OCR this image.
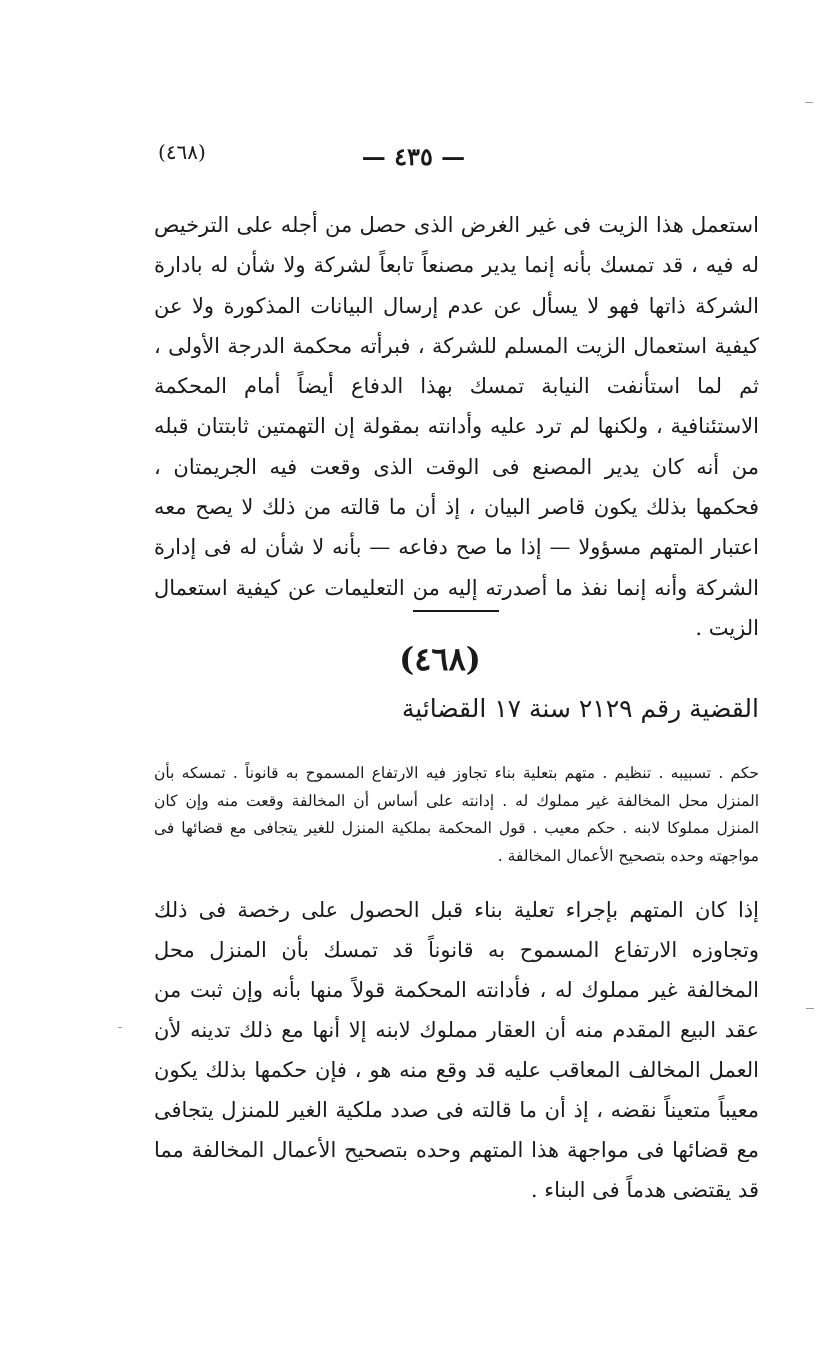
(٤٦٨)	— ٤٣٥ —

استعمل هذا الزيت فى غير الغرض الذى حصل من أجله على الترخيص له فيه ، قد تمسك بأنه إنما يدير مصنعاً تابعاً لشركة ولا شأن له بادارة الشركة ذاتها فهو لا يسأل عن عدم إرسال البيانات المذكورة ولا عن كيفية استعمال الزيت المسلم للشركة ، فبرأته محكمة الدرجة الأولى ، ثم لما استأنفت النيابة تمسك بهذا الدفاع أيضاً أمام المحكمة الاستئنافية ، ولكنها لم ترد عليه وأدانته بمقولة إن التهمتين ثابتتان قبله من أنه كان يدير المصنع فى الوقت الذى وقعت فيه الجريمتان ، فحكمها بذلك يكون قاصر البيان ، إذ أن ما قالته من ذلك لا يصح معه اعتبار المتهم مسؤولا — إذا ما صح دفاعه — بأنه لا شأن له فى إدارة الشركة وأنه إنما نفذ ما أصدرته إليه من التعليمات عن كيفية استعمال الزيت .

(٤٦٨)
القضية رقم ٢١٢٩ سنة ١٧ القضائية

حكم . تسبيبه . تنظيم . متهم بتعلية بناء تجاوز فيه الارتفاع المسموح به قانوناً . تمسكه بأن المنزل محل المخالفة غير مملوك له . إدانته على أساس أن المخالفة وقعت منه وإن كان المنزل مملوكا لابنه . حكم معيب . قول المحكمة بملكية المنزل للغير يتجافى مع قضائها فى مواجهته وحده بتصحيح الأعمال المخالفة .

إذا كان المتهم بإجراء تعلية بناء قبل الحصول على رخصة فى ذلك وتجاوزه الارتفاع المسموح به قانوناً قد تمسك بأن المنزل محل المخالفة غير مملوك له ، فأدانته المحكمة قولاً منها بأنه وإن ثبت من عقد البيع المقدم منه أن العقار مملوك لابنه إلا أنها مع ذلك تدينه لأن العمل المخالف المعاقب عليه قد وقع منه هو ، فإن حكمها بذلك يكون معيباً متعيناً نقضه ، إذ أن ما قالته فى صدد ملكية الغير للمنزل يتجافى مع قضائها فى مواجهة هذا المتهم وحده بتصحيح الأعمال المخالفة مما قد يقتضى هدماً فى البناء .
